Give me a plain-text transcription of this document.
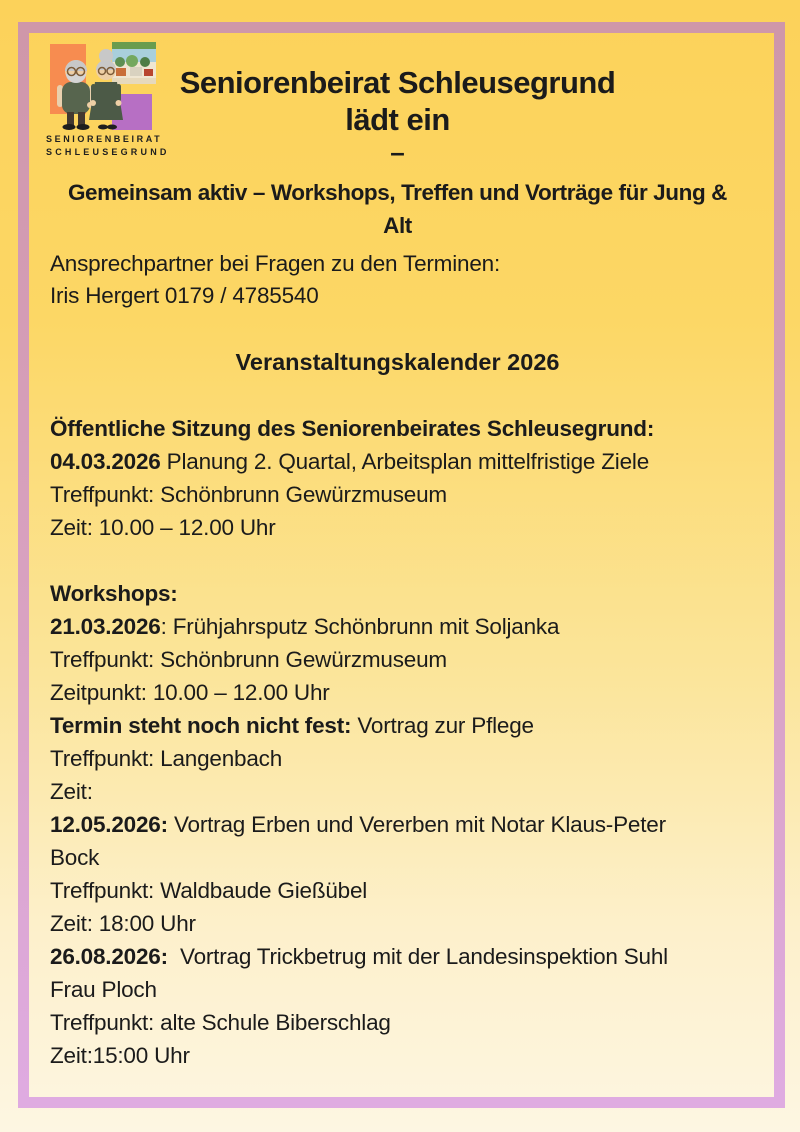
SENIORENBEIRAT
SCHLEUSEGRUND
Seniorenbeirat Schleusegrund
lädt ein
–
Gemeinsam aktiv – Workshops, Treffen und Vorträge für Jung &
Alt
Ansprechpartner bei Fragen zu den Terminen:
Iris Hergert 0179 / 4785540
Veranstaltungskalender 2026
Öffentliche Sitzung des Seniorenbeirates Schleusegrund:
04.03.2026 Planung 2. Quartal, Arbeitsplan mittelfristige Ziele
Treffpunkt: Schönbrunn Gewürzmuseum
Zeit: 10.00 – 12.00 Uhr
Workshops:
21.03.2026: Frühjahrsputz Schönbrunn mit Soljanka
Treffpunkt: Schönbrunn Gewürzmuseum
Zeitpunkt: 10.00 – 12.00 Uhr
Termin steht noch nicht fest: Vortrag zur Pflege
Treffpunkt: Langenbach
Zeit:
12.05.2026: Vortrag Erben und Vererben mit Notar Klaus-Peter
Bock
Treffpunkt: Waldbaude Gießübel
Zeit: 18:00 Uhr
26.08.2026:  Vortrag Trickbetrug mit der Landesinspektion Suhl
Frau Ploch
Treffpunkt: alte Schule Biberschlag
Zeit:15:00 Uhr
